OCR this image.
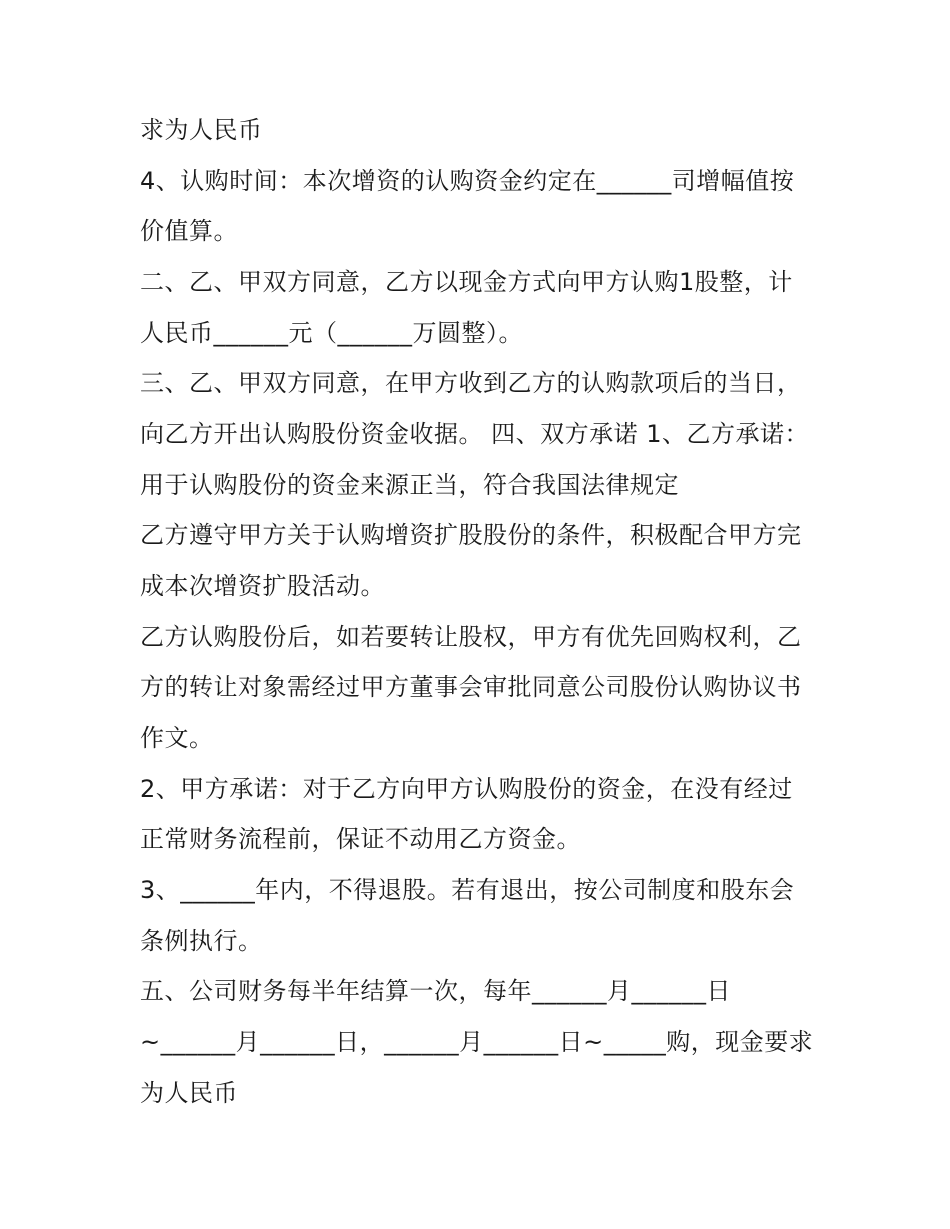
求为人民币

4、认购时间：本次增资的认购资金约定在______司增幅值按

价值算。

二、乙、甲双方同意，乙方以现金方式向甲方认购1股整，计

人民币______元（______万圆整）。

三、乙、甲双方同意，在甲方收到乙方的认购款项后的当日，

向乙方开出认购股份资金收据。 四、双方承诺 1、乙方承诺：

用于认购股份的资金来源正当，符合我国法律规定

乙方遵守甲方关于认购增资扩股股份的条件，积极配合甲方完

成本次增资扩股活动。

乙方认购股份后，如若要转让股权，甲方有优先回购权利，乙

方的转让对象需经过甲方董事会审批同意公司股份认购协议书

作文。

2、甲方承诺：对于乙方向甲方认购股份的资金，在没有经过

正常财务流程前，保证不动用乙方资金。

3、______年内，不得退股。若有退出，按公司制度和股东会

条例执行。

五、公司财务每半年结算一次，每年______月______日

~______月______日，______月______日~_____购，现金要求

为人民币
